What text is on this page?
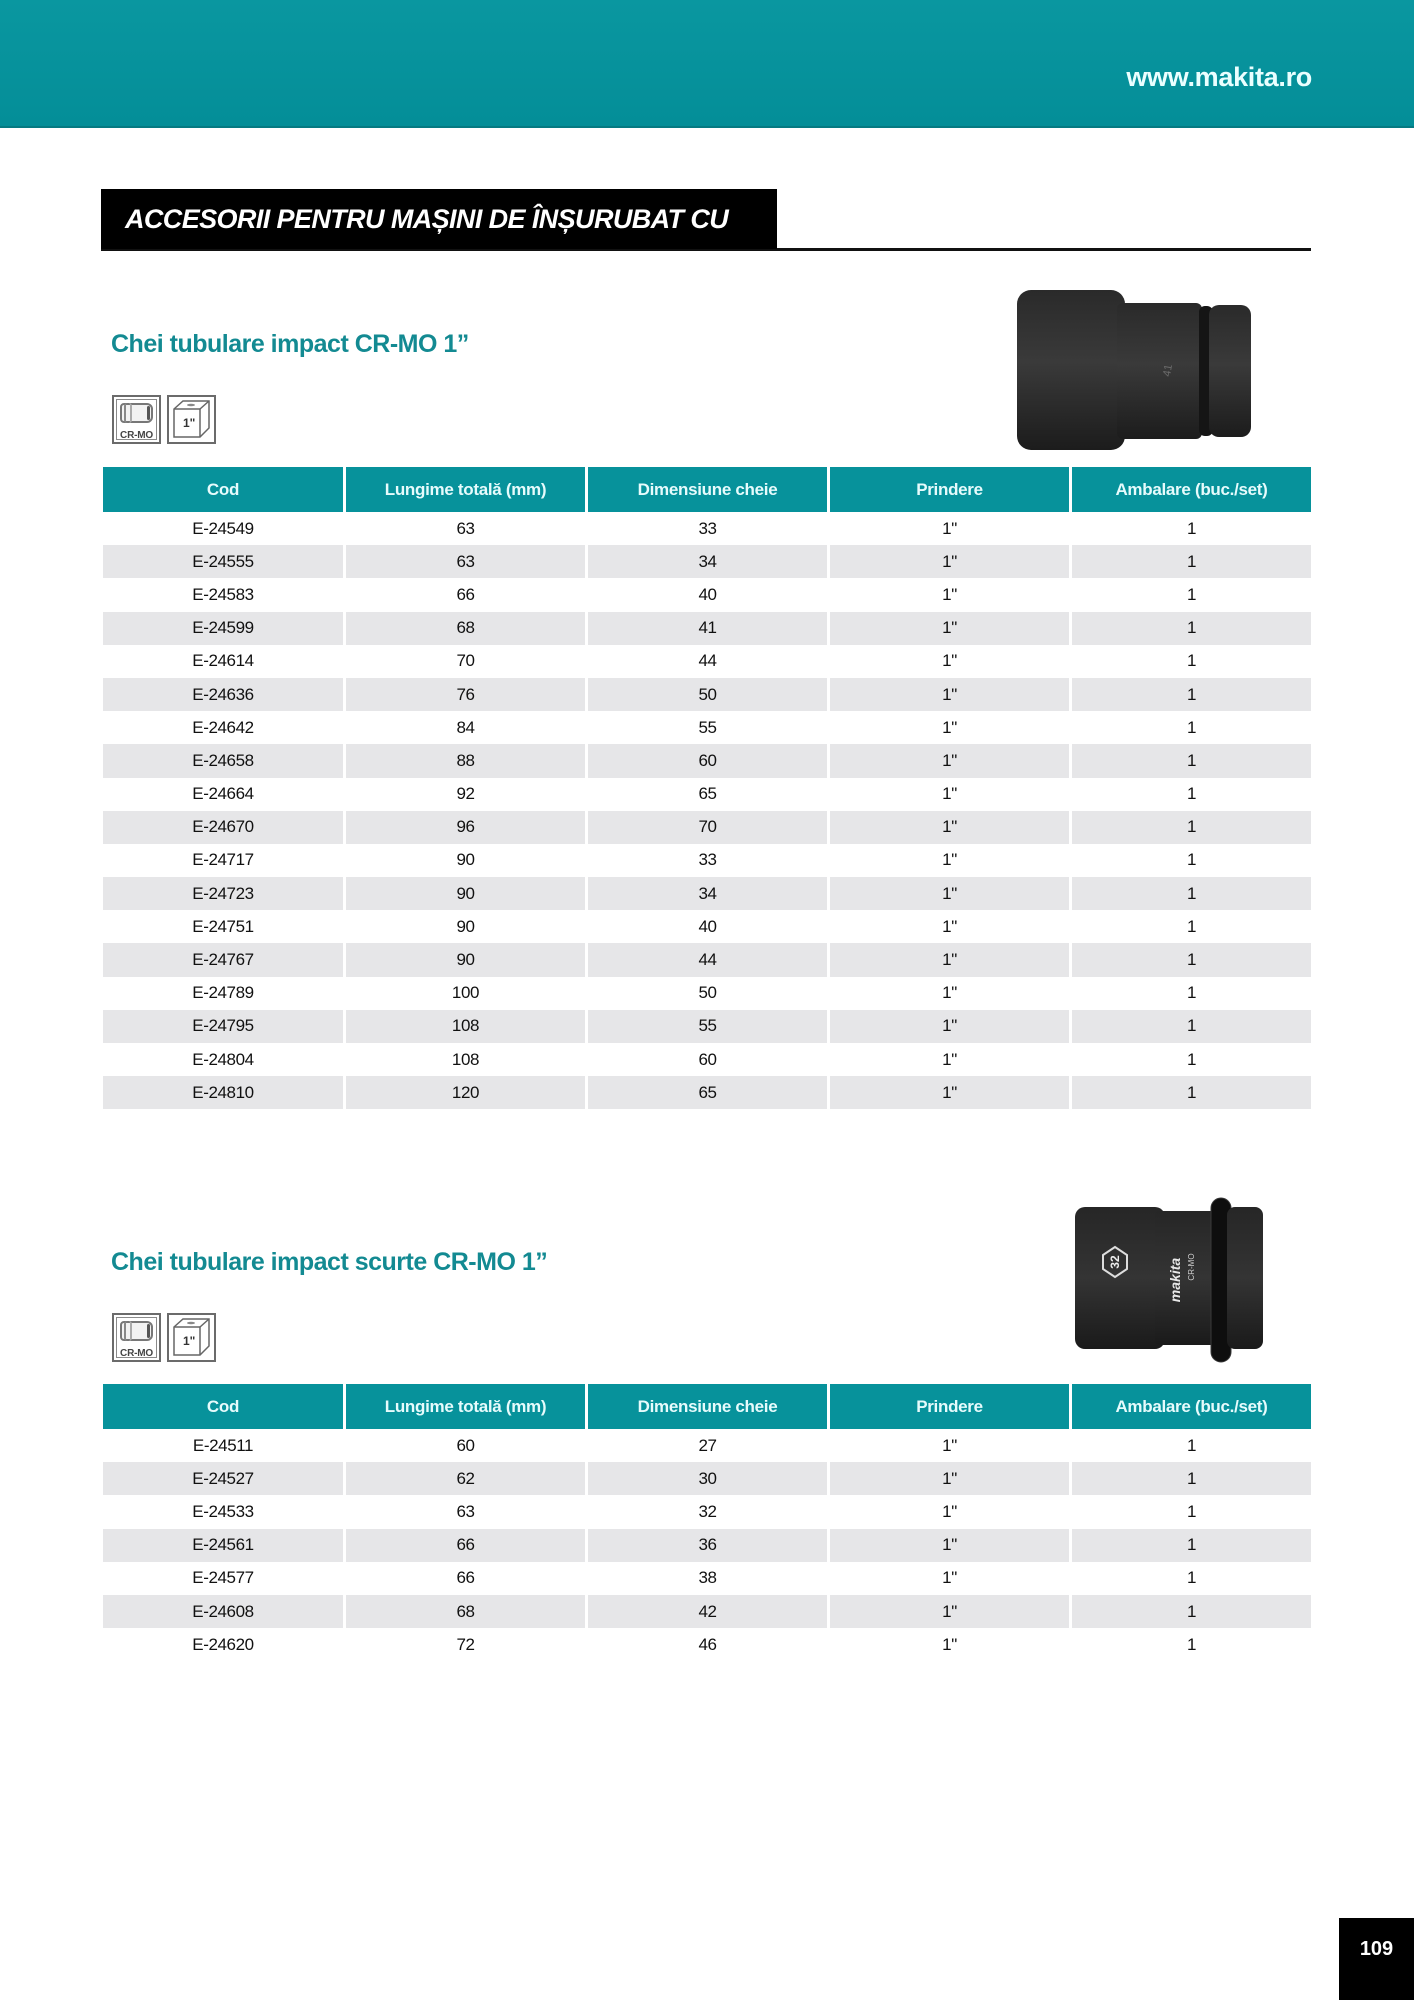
www.makita.ro
ACCESORII PENTRU MAȘINI DE ÎNȘURUBAT CU IMPACT
Chei tubulare impact CR-MO 1”
CR-MO
1"
41
Cod	Lungime totală (mm)	Dimensiune cheie	Prindere	Ambalare (buc./set)
E-24549	63	33	1"	1
E-24555	63	34	1"	1
E-24583	66	40	1"	1
E-24599	68	41	1"	1
E-24614	70	44	1"	1
E-24636	76	50	1"	1
E-24642	84	55	1"	1
E-24658	88	60	1"	1
E-24664	92	65	1"	1
E-24670	96	70	1"	1
E-24717	90	33	1"	1
E-24723	90	34	1"	1
E-24751	90	40	1"	1
E-24767	90	44	1"	1
E-24789	100	50	1"	1
E-24795	108	55	1"	1
E-24804	108	60	1"	1
E-24810	120	65	1"	1
Chei tubulare impact scurte CR-MO 1”
CR-MO
1"
32	makita CR-MO
Cod	Lungime totală (mm)	Dimensiune cheie	Prindere	Ambalare (buc./set)
E-24511	60	27	1"	1
E-24527	62	30	1"	1
E-24533	63	32	1"	1
E-24561	66	36	1"	1
E-24577	66	38	1"	1
E-24608	68	42	1"	1
E-24620	72	46	1"	1
109
